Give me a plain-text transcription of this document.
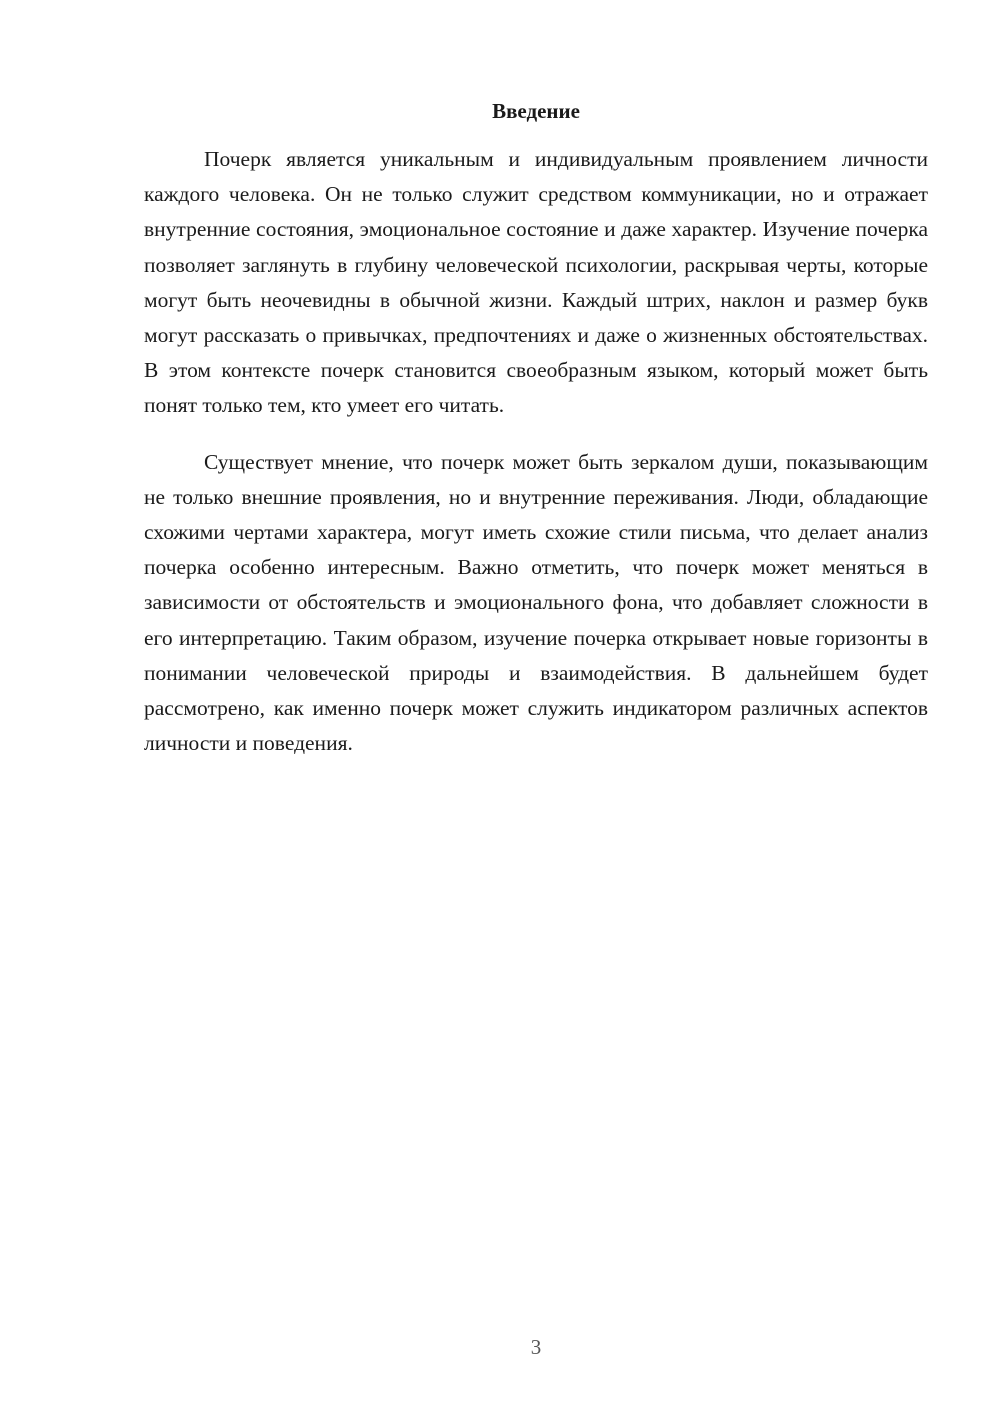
Введение

Почерк является уникальным и индивидуальным проявлением личности каждого человека. Он не только служит средством коммуникации, но и отражает внутренние состояния, эмоциональное состояние и даже характер. Изучение почерка позволяет заглянуть в глубину человеческой психологии, раскрывая черты, которые могут быть неочевидны в обычной жизни. Каждый штрих, наклон и размер букв могут рассказать о привычках, предпочтениях и даже о жизненных обстоятельствах. В этом контексте почерк становится своеобразным языком, который может быть понят только тем, кто умеет его читать.

Существует мнение, что почерк может быть зеркалом души, показывающим не только внешние проявления, но и внутренние переживания. Люди, обладающие схожими чертами характера, могут иметь схожие стили письма, что делает анализ почерка особенно интересным. Важно отметить, что почерк может меняться в зависимости от обстоятельств и эмоционального фона, что добавляет сложности в его интерпретацию. Таким образом, изучение почерка открывает новые горизонты в понимании человеческой природы и взаимодействия. В дальнейшем будет рассмотрено, как именно почерк может служить индикатором различных аспектов личности и поведения.

3
